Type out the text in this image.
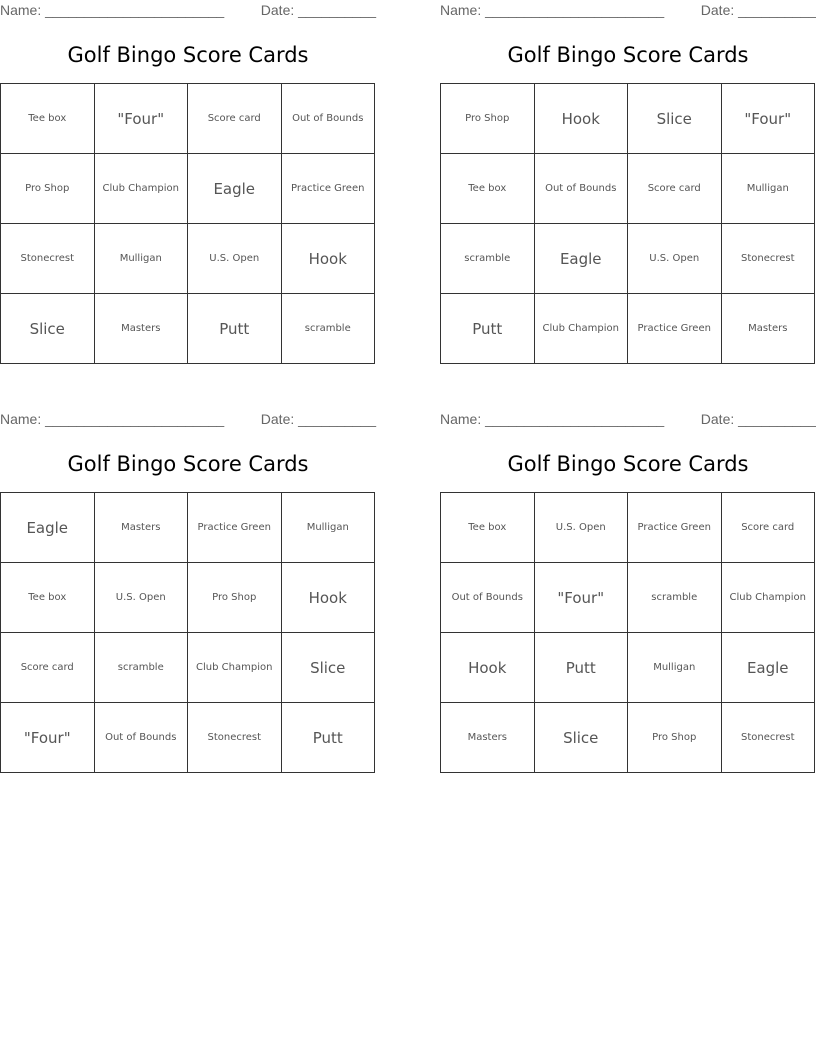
Name: _______________________	Date: __________
Golf Bingo Score Cards
Tee box	"Four"	Score card	Out of Bounds
Pro Shop	Club Champion	Eagle	Practice Green
Stonecrest	Mulligan	U.S. Open	Hook
Slice	Masters	Putt	scramble
Name: _______________________	Date: __________
Golf Bingo Score Cards
Pro Shop	Hook	Slice	"Four"
Tee box	Out of Bounds	Score card	Mulligan
scramble	Eagle	U.S. Open	Stonecrest
Putt	Club Champion	Practice Green	Masters
Name: _______________________	Date: __________
Golf Bingo Score Cards
Eagle	Masters	Practice Green	Mulligan
Tee box	U.S. Open	Pro Shop	Hook
Score card	scramble	Club Champion	Slice
"Four"	Out of Bounds	Stonecrest	Putt
Name: _______________________	Date: __________
Golf Bingo Score Cards
Tee box	U.S. Open	Practice Green	Score card
Out of Bounds	"Four"	scramble	Club Champion
Hook	Putt	Mulligan	Eagle
Masters	Slice	Pro Shop	Stonecrest
